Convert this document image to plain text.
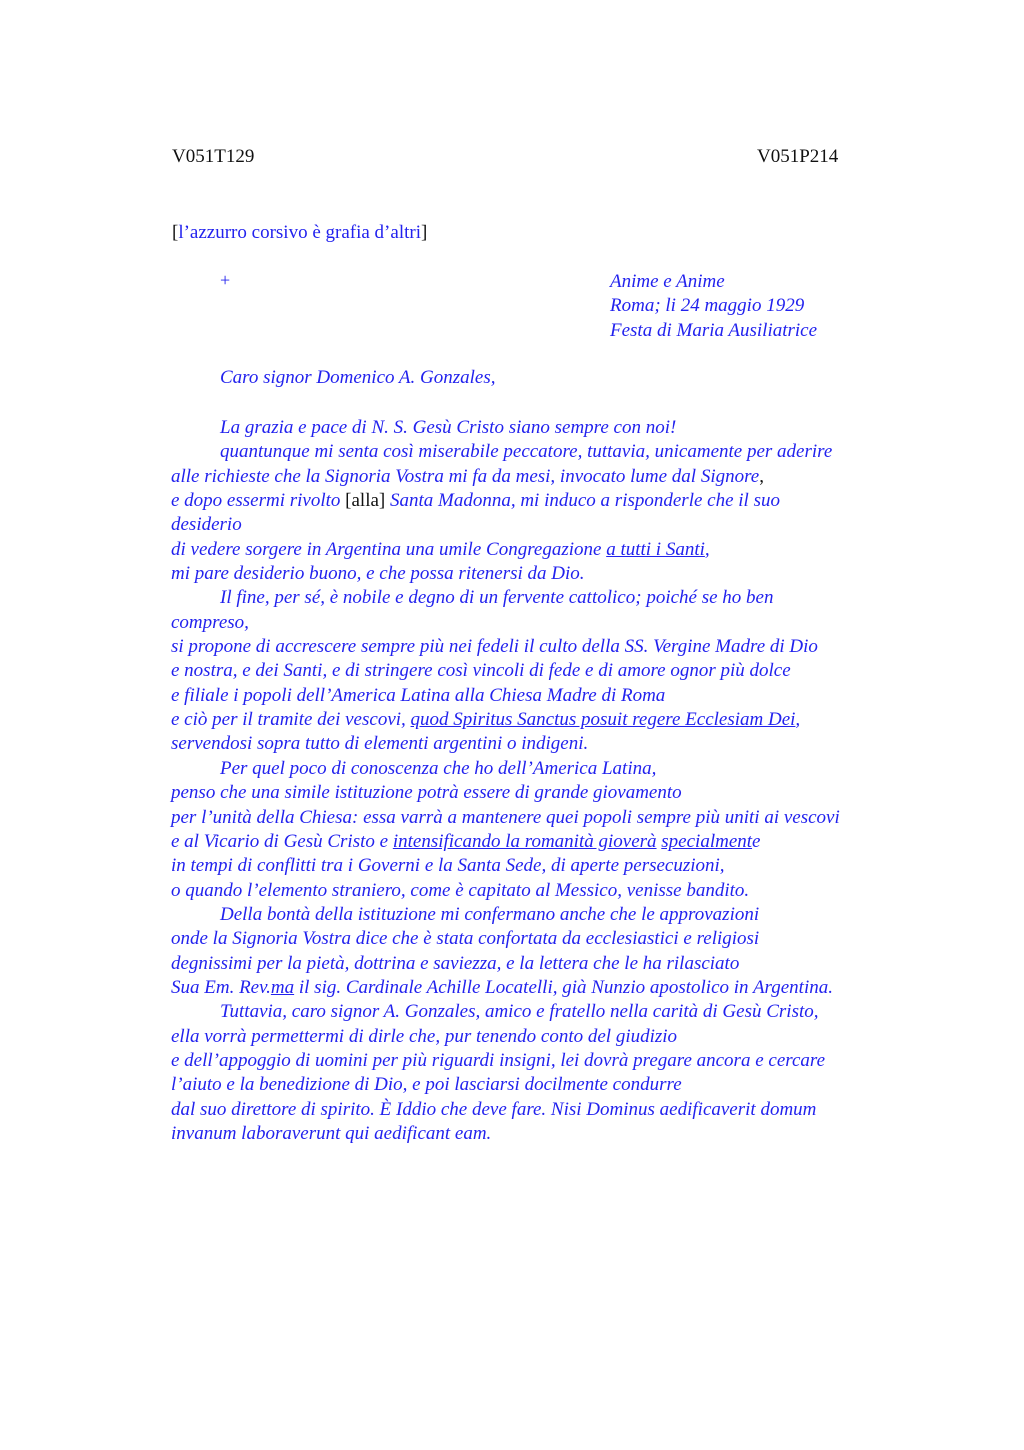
V051T129	V051P214
[l’azzurro corsivo è grafia d’altri]
+	Anime e Anime
Roma; li 24 maggio 1929
Festa di Maria Ausiliatrice
Caro signor Domenico A. Gonzales,
La grazia e pace di N. S. Gesù Cristo siano sempre con noi!
quantunque mi senta così miserabile peccatore, tuttavia, unicamente per aderire
alle richieste che la Signoria Vostra mi fa da mesi, invocato lume dal Signore,
e dopo essermi rivolto [alla] Santa Madonna, mi induco a risponderle che il suo
desiderio
di vedere sorgere in Argentina una umile Congregazione a tutti i Santi,
mi pare desiderio buono, e che possa ritenersi da Dio.
Il fine, per sé, è nobile e degno di un fervente cattolico; poiché se ho ben
compreso,
si propone di accrescere sempre più nei fedeli il culto della SS. Vergine Madre di Dio
e nostra, e dei Santi, e di stringere così vincoli di fede e di amore ognor più dolce
e filiale i popoli dell’America Latina alla Chiesa Madre di Roma
e ciò per il tramite dei vescovi, quod Spiritus Sanctus posuit regere Ecclesiam Dei,
servendosi sopra tutto di elementi argentini o indigeni.
Per quel poco di conoscenza che ho dell’America Latina,
penso che una simile istituzione potrà essere di grande giovamento
per l’unità della Chiesa: essa varrà a mantenere quei popoli sempre più uniti ai vescovi
e al Vicario di Gesù Cristo e intensificando la romanità gioverà specialmente
in tempi di conflitti tra i Governi e la Santa Sede, di aperte persecuzioni,
o quando l’elemento straniero, come è capitato al Messico, venisse bandito.
Della bontà della istituzione mi confermano anche che le approvazioni
onde la Signoria Vostra dice che è stata confortata da ecclesiastici e religiosi
degnissimi per la pietà, dottrina e saviezza, e la lettera che le ha rilasciato
Sua Em. Rev.ma il sig. Cardinale Achille Locatelli, già Nunzio apostolico in Argentina.
Tuttavia, caro signor A. Gonzales, amico e fratello nella carità di Gesù Cristo,
ella vorrà permettermi di dirle che, pur tenendo conto del giudizio
e dell’appoggio di uomini per più riguardi insigni, lei dovrà pregare ancora e cercare
l’aiuto e la benedizione di Dio, e poi lasciarsi docilmente condurre
dal suo direttore di spirito. È Iddio che deve fare. Nisi Dominus aedificaverit domum
invanum laboraverunt qui aedificant eam.
